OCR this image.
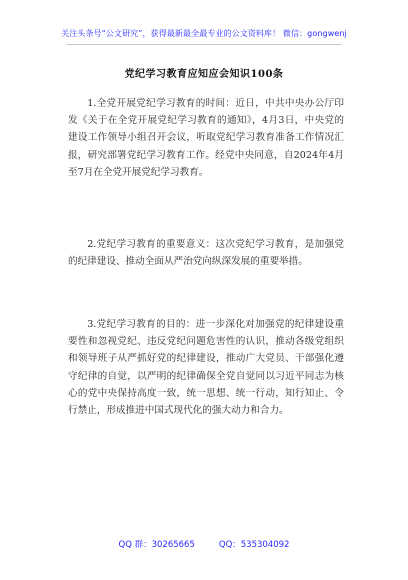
关注头条号“公文研究”，获得最新最全最专业的公文资料库！ 微信：gongwenj
党纪学习教育应知应会知识100条

1.全党开展党纪学习教育的时间：近日，中共中央办公厅印发《关于在全党开展党纪学习教育的通知》，4月3日，中央党的建设工作领导小组召开会议，听取党纪学习教育准备工作情况汇报，研究部署党纪学习教育工作。经党中央同意，自2024年4月至7月在全党开展党纪学习教育。

2.党纪学习教育的重要意义：这次党纪学习教育，是加强党的纪律建设、推动全面从严治党向纵深发展的重要举措。

3.党纪学习教育的目的：进一步深化对加强党的纪律建设重要性和忽视党纪、违反党纪问题危害性的认识，推动各级党组织和领导班子从严抓好党的纪律建设，推动广大党员、干部强化遵守纪律的自觉，以严明的纪律确保全党自觉同以习近平同志为核心的党中央保持高度一致，统一思想、统一行动，知行知止、令行禁止，形成推进中国式现代化的强大动力和合力。

QQ 群：30265665	QQ：535304092
